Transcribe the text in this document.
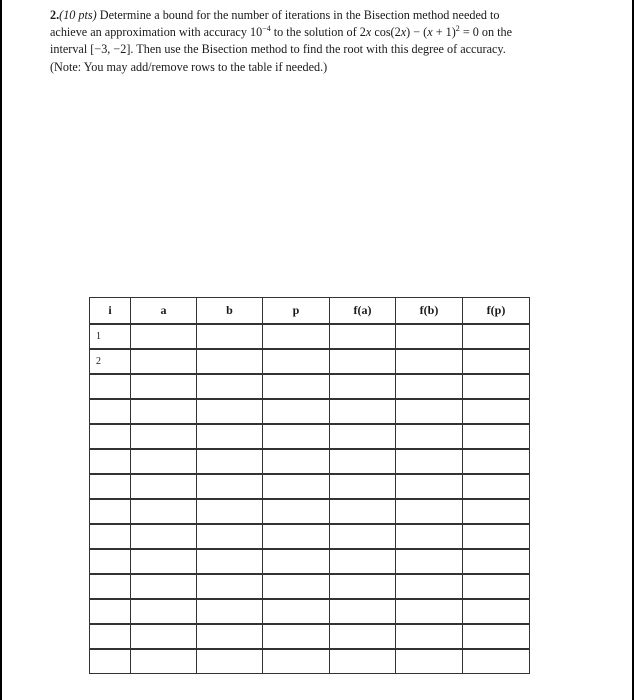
2.(10 pts) Determine a bound for the number of iterations in the Bisection method needed to
achieve an approximation with accuracy $10^{-4}$ to the solution of 2x $\cos(2x) - (x + 1)^2 = 0$ on the
interval [−3, −2]. Then use the Bisection method to find the root with this degree of accuracy.
(Note: You may add/remove rows to the table if needed.)
i	a	b	p	f(a)	f(b)	f(p)
1						
2						
